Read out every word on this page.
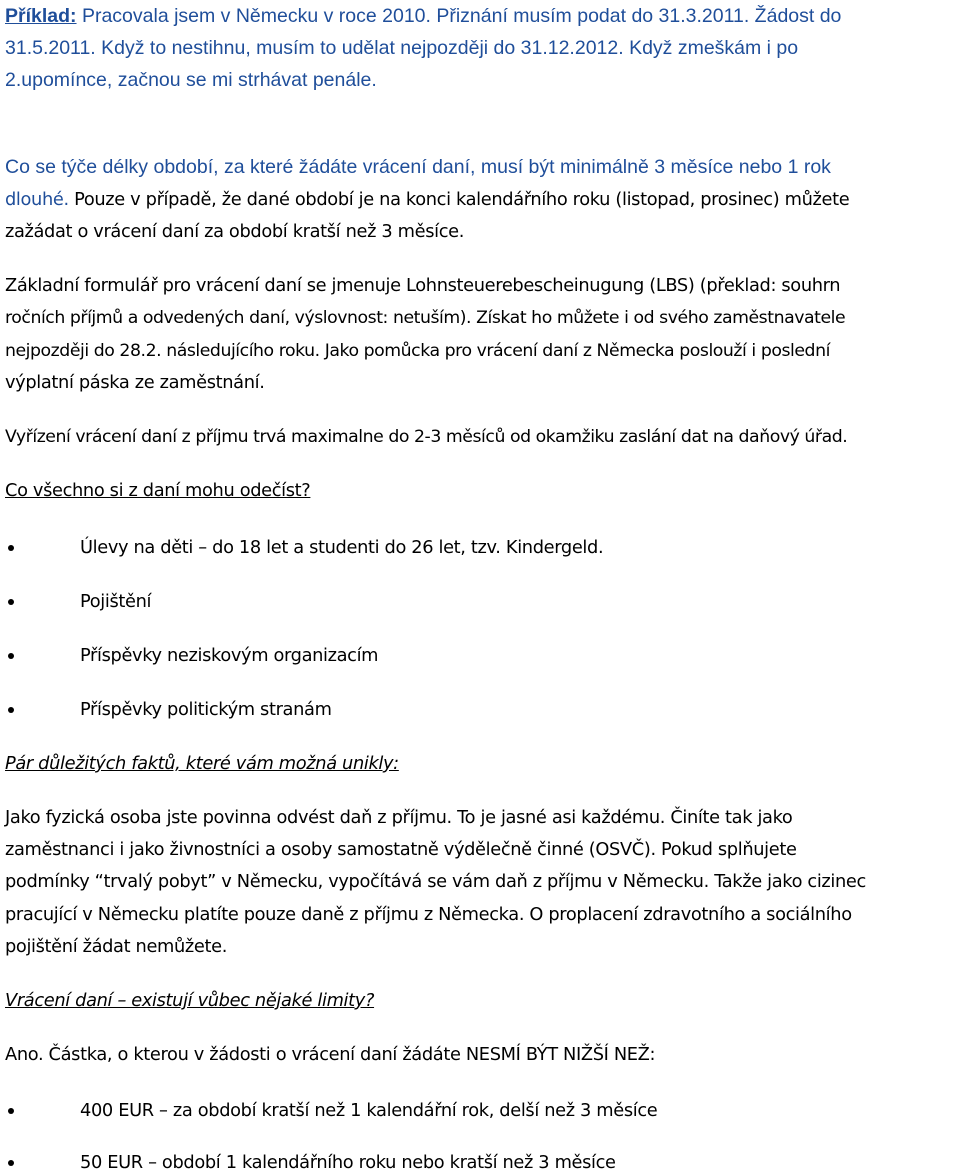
Příklad: Pracovala jsem v Německu v roce 2010. Přiznání musím podat do 31.3.2011. Žádost do
31.5.2011. Když to nestihnu, musím to udělat nejpozději do 31.12.2012. Když zmeškám i po
2.upomínce, začnou se mi strhávat penále.
Co se týče délky období, za které žádáte vrácení daní, musí být minimálně 3 měsíce nebo 1 rok
dlouhé. Pouze v případě, že dané období je na konci kalendářního roku (listopad, prosinec) můžete
zažádat o vrácení daní za období kratší než 3 měsíce.
Základní formulář pro vrácení daní se jmenuje Lohnsteuerebescheinugung (LBS) (překlad: souhrn
ročních příjmů a odvedených daní, výslovnost: netuším). Získat ho můžete i od svého zaměstnavatele
nejpozději do 28.2. následujícího roku. Jako pomůcka pro vrácení daní z Německa poslouží i poslední
výplatní páska ze zaměstnání.
Vyřízení vrácení daní z příjmu trvá maximalne do 2-3 měsíců od okamžiku zaslání dat na daňový úřad.
Co všechno si z daní mohu odečíst?
Úlevy na děti – do 18 let a studenti do 26 let, tzv. Kindergeld.
Pojištění
Příspěvky neziskovým organizacím
Příspěvky politickým stranám
Pár důležitých faktů, které vám možná unikly:
Jako fyzická osoba jste povinna odvést daň z příjmu. To je jasné asi každému. Činíte tak jako
zaměstnanci i jako živnostníci a osoby samostatně výdělečně činné (OSVČ). Pokud splňujete
podmínky “trvalý pobyt” v Německu, vypočítává se vám daň z příjmu v Německu. Takže jako cizinec
pracující v Německu platíte pouze daně z příjmu z Německa. O proplacení zdravotního a sociálního
pojištění žádat nemůžete.
Vrácení daní – existují vůbec nějaké limity?
Ano. Částka, o kterou v žádosti o vrácení daní žádáte NESMÍ BÝT NIŽŠÍ NEŽ:
400 EUR – za období kratší než 1 kalendářní rok, delší než 3 měsíce
50 EUR – období 1 kalendářního roku nebo kratší než 3 měsíce
